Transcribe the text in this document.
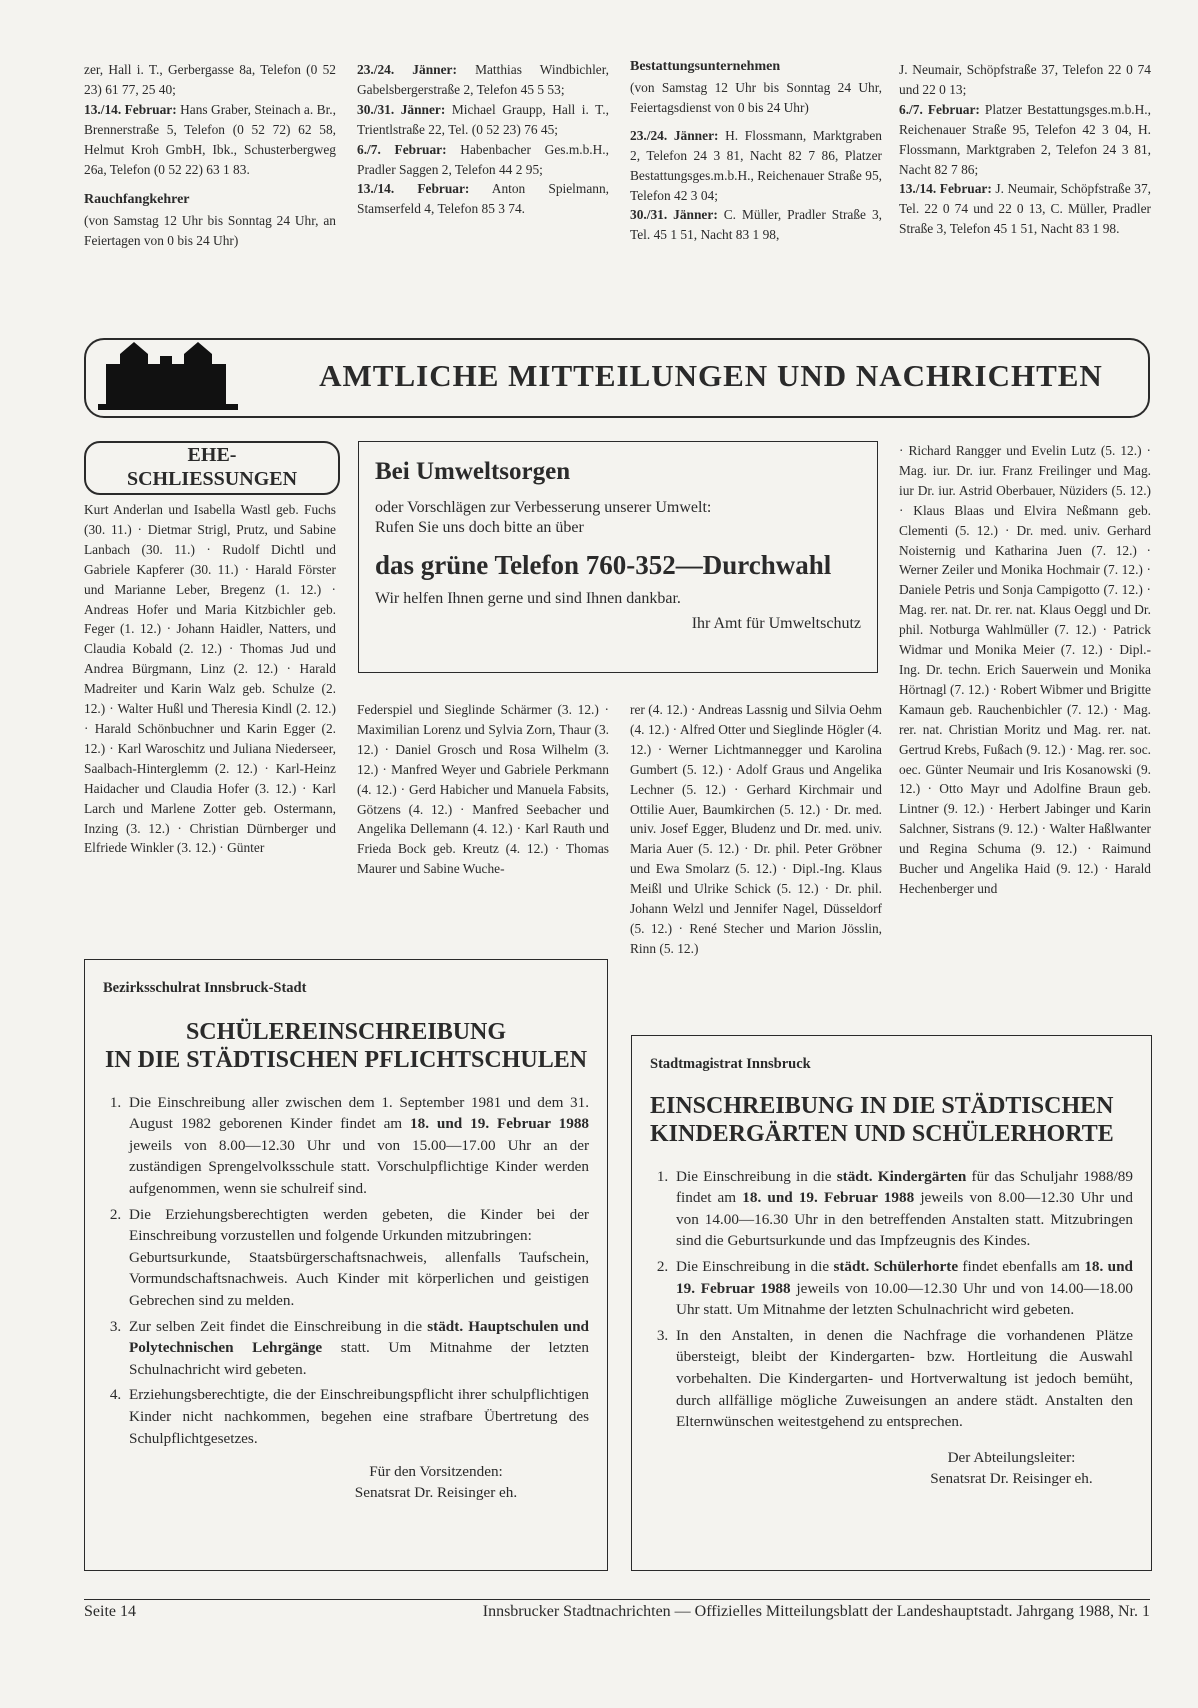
zer, Hall i. T., Gerbergasse 8a, Telefon (0 52 23) 61 77, 25 40;

13./14. Februar: Hans Graber, Steinach a. Br., Brennerstraße 5, Telefon (0 52 72) 62 58, Helmut Kroh GmbH, Ibk., Schusterbergweg 26a, Telefon (0 52 22) 63 1 83.

Rauchfangkehrer

(von Samstag 12 Uhr bis Sonntag 24 Uhr, an Feiertagen von 0 bis 24 Uhr)

23./24. Jänner: Matthias Windbichler, Gabelsbergerstraße 2, Telefon 45 5 53;

30./31. Jänner: Michael Graupp, Hall i. T., Trientlstraße 22, Tel. (0 52 23) 76 45;

6./7. Februar: Habenbacher Ges.m.b.H., Pradler Saggen 2, Telefon 44 2 95;

13./14. Februar: Anton Spielmann, Stamserfeld 4, Telefon 85 3 74.

Bestattungsunternehmen

(von Samstag 12 Uhr bis Sonntag 24 Uhr, Feiertagsdienst von 0 bis 24 Uhr)

23./24. Jänner: H. Flossmann, Marktgraben 2, Telefon 24 3 81, Nacht 82 7 86, Platzer Bestattungsges.m.b.H., Reichenauer Straße 95, Telefon 42 3 04;

30./31. Jänner: C. Müller, Pradler Straße 3, Tel. 45 1 51, Nacht 83 1 98,

J. Neumair, Schöpfstraße 37, Telefon 22 0 74 und 22 0 13;

6./7. Februar: Platzer Bestattungsges.m.b.H., Reichenauer Straße 95, Telefon 42 3 04, H. Flossmann, Marktgraben 2, Telefon 24 3 81, Nacht 82 7 86;

13./14. Februar: J. Neumair, Schöpfstraße 37, Tel. 22 0 74 und 22 0 13, C. Müller, Pradler Straße 3, Telefon 45 1 51, Nacht 83 1 98.

AMTLICHE MITTEILUNGEN UND NACHRICHTEN
EHE-
SCHLIESSUNGEN

Kurt Anderlan und Isabella Wastl geb. Fuchs (30. 11.) · Dietmar Strigl, Prutz, und Sabine Lanbach (30. 11.) · Rudolf Dichtl und Gabriele Kapferer (30. 11.) · Harald Förster und Marianne Leber, Bregenz (1. 12.) · Andreas Hofer und Maria Kitzbichler geb. Feger (1. 12.) · Johann Haidler, Natters, und Claudia Kobald (2. 12.) · Thomas Jud und Andrea Bürgmann, Linz (2. 12.) · Harald Madreiter und Karin Walz geb. Schulze (2. 12.) · Walter Hußl und Theresia Kindl (2. 12.) · Harald Schönbuchner und Karin Egger (2. 12.) · Karl Waroschitz und Juliana Niederseer, Saalbach-Hinterglemm (2. 12.) · Karl-Heinz Haidacher und Claudia Hofer (3. 12.) · Karl Larch und Marlene Zotter geb. Ostermann, Inzing (3. 12.) · Christian Dürnberger und Elfriede Winkler (3. 12.) · Günter

Bei Umweltsorgen
oder Vorschlägen zur Verbesserung unserer Umwelt:
Rufen Sie uns doch bitte an über
das grüne Telefon 760-352—Durchwahl
Wir helfen Ihnen gerne und sind Ihnen dankbar.
Ihr Amt für Umweltschutz

Federspiel und Sieglinde Schärmer (3. 12.) · Maximilian Lorenz und Sylvia Zorn, Thaur (3. 12.) · Daniel Grosch und Rosa Wilhelm (3. 12.) · Manfred Weyer und Gabriele Perkmann (4. 12.) · Gerd Habicher und Manuela Fabsits, Götzens (4. 12.) · Manfred Seebacher und Angelika Dellemann (4. 12.) · Karl Rauth und Frieda Bock geb. Kreutz (4. 12.) · Thomas Maurer und Sabine Wuche-

rer (4. 12.) · Andreas Lassnig und Silvia Oehm (4. 12.) · Alfred Otter und Sieglinde Högler (4. 12.) · Werner Lichtmannegger und Karolina Gumbert (5. 12.) · Adolf Graus und Angelika Lechner (5. 12.) · Gerhard Kirchmair und Ottilie Auer, Baumkirchen (5. 12.) · Dr. med. univ. Josef Egger, Bludenz und Dr. med. univ. Maria Auer (5. 12.) · Dr. phil. Peter Gröbner und Ewa Smolarz (5. 12.) · Dipl.-Ing. Klaus Meißl und Ulrike Schick (5. 12.) · Dr. phil. Johann Welzl und Jennifer Nagel, Düsseldorf (5. 12.) · René Stecher und Marion Jösslin, Rinn (5. 12.)

· Richard Rangger und Evelin Lutz (5. 12.) · Mag. iur. Dr. iur. Franz Freilinger und Mag. iur Dr. iur. Astrid Oberbauer, Nüziders (5. 12.) · Klaus Blaas und Elvira Neßmann geb. Clementi (5. 12.) · Dr. med. univ. Gerhard Noisternig und Katharina Juen (7. 12.) · Werner Zeiler und Monika Hochmair (7. 12.) · Daniele Petris und Sonja Campigotto (7. 12.) · Mag. rer. nat. Dr. rer. nat. Klaus Oeggl und Dr. phil. Notburga Wahlmüller (7. 12.) · Patrick Widmar und Monika Meier (7. 12.) · Dipl.-Ing. Dr. techn. Erich Sauerwein und Monika Hörtnagl (7. 12.) · Robert Wibmer und Brigitte Kamaun geb. Rauchenbichler (7. 12.) · Mag. rer. nat. Christian Moritz und Mag. rer. nat. Gertrud Krebs, Fußach (9. 12.) · Mag. rer. soc. oec. Günter Neumair und Iris Kosanowski (9. 12.) · Otto Mayr und Adolfine Braun geb. Lintner (9. 12.) · Herbert Jabinger und Karin Salchner, Sistrans (9. 12.) · Walter Haßlwanter und Regina Schuma (9. 12.) · Raimund Bucher und Angelika Haid (9. 12.) · Harald Hechenberger und

Bezirksschulrat Innsbruck-Stadt
SCHÜLEREINSCHREIBUNG
IN DIE STÄDTISCHEN PFLICHTSCHULEN
1. Die Einschreibung aller zwischen dem 1. September 1981 und dem 31. August 1982 geborenen Kinder findet am 18. und 19. Februar 1988 jeweils von 8.00—12.30 Uhr und von 15.00—17.00 Uhr an der zuständigen Sprengelvolksschule statt. Vorschulpflichtige Kinder werden aufgenommen, wenn sie schulreif sind.
2. Die Erziehungsberechtigten werden gebeten, die Kinder bei der Einschreibung vorzustellen und folgende Urkunden mitzubringen:
Geburtsurkunde, Staatsbürgerschaftsnachweis, allenfalls Taufschein, Vormundschaftsnachweis. Auch Kinder mit körperlichen und geistigen Gebrechen sind zu melden.
3. Zur selben Zeit findet die Einschreibung in die städt. Hauptschulen und Polytechnischen Lehrgänge statt. Um Mitnahme der letzten Schulnachricht wird gebeten.
4. Erziehungsberechtigte, die der Einschreibungspflicht ihrer schulpflichtigen Kinder nicht nachkommen, begehen eine strafbare Übertretung des Schulpflichtgesetzes.
Für den Vorsitzenden:
Senatsrat Dr. Reisinger eh.
Stadtmagistrat Innsbruck
EINSCHREIBUNG IN DIE STÄDTISCHEN
KINDERGÄRTEN UND SCHÜLERHORTE
1. Die Einschreibung in die städt. Kindergärten für das Schuljahr 1988/89 findet am 18. und 19. Februar 1988 jeweils von 8.00—12.30 Uhr und von 14.00—16.30 Uhr in den betreffenden Anstalten statt. Mitzubringen sind die Geburtsurkunde und das Impfzeugnis des Kindes.
2. Die Einschreibung in die städt. Schülerhorte findet ebenfalls am 18. und 19. Februar 1988 jeweils von 10.00—12.30 Uhr und von 14.00—18.00 Uhr statt. Um Mitnahme der letzten Schulnachricht wird gebeten.
3. In den Anstalten, in denen die Nachfrage die vorhandenen Plätze übersteigt, bleibt der Kindergarten- bzw. Hortleitung die Auswahl vorbehalten. Die Kindergarten- und Hortverwaltung ist jedoch bemüht, durch allfällige mögliche Zuweisungen an andere städt. Anstalten den Elternwünschen weitestgehend zu entsprechen.
Der Abteilungsleiter:
Senatsrat Dr. Reisinger eh.
Seite 14	Innsbrucker Stadtnachrichten — Offizielles Mitteilungsblatt der Landeshauptstadt. Jahrgang 1988, Nr. 1
